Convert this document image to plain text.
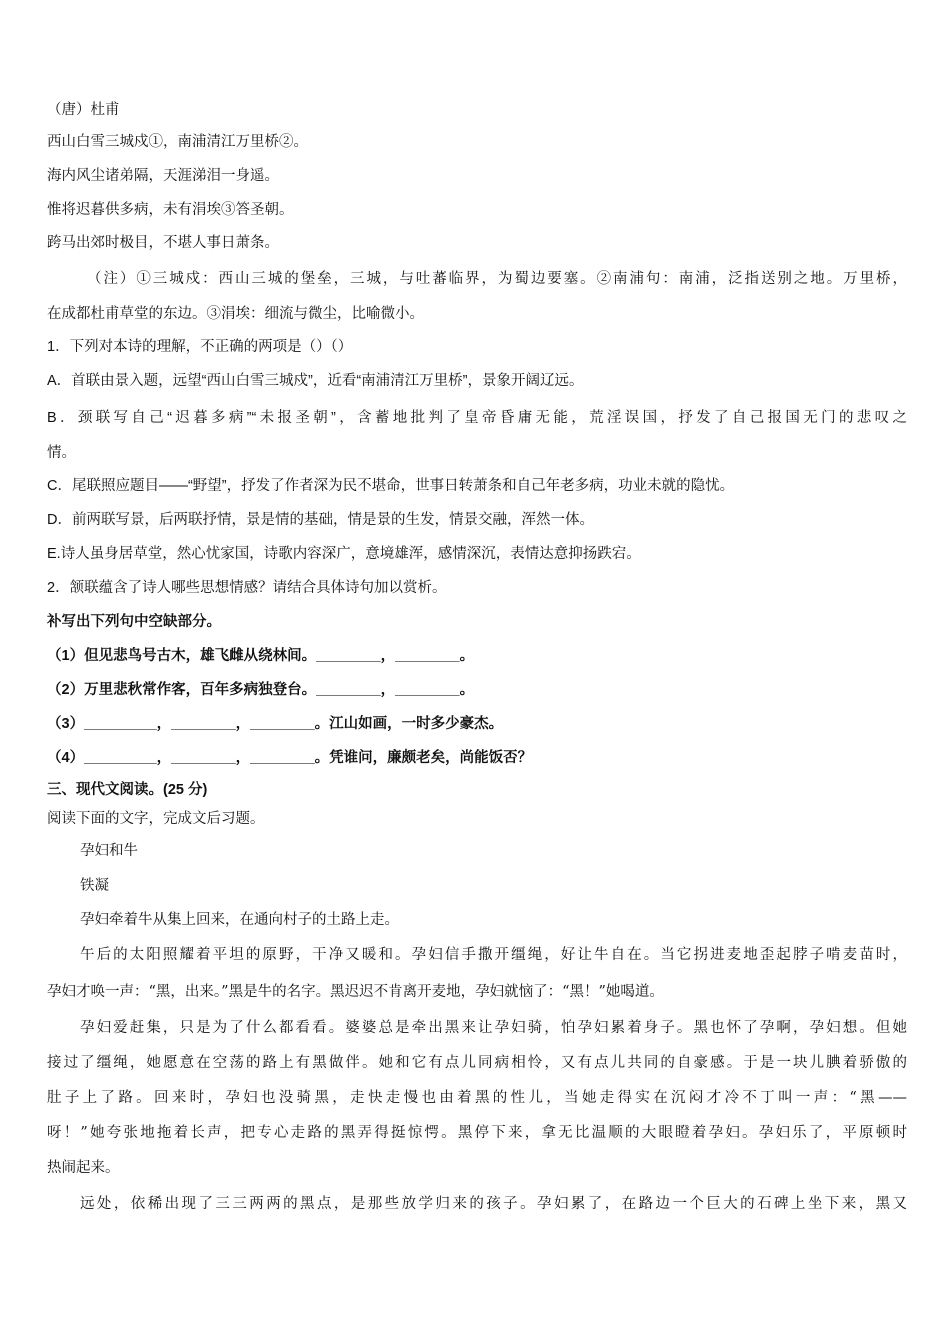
（唐）杜甫

西山白雪三城戍①，南浦清江万里桥②。

海内风尘诸弟隔，天涯涕泪一身遥。

惟将迟暮供多病，未有涓埃③答圣朝。

跨马出郊时极目，不堪人事日萧条。

（注）①三城戍：西山三城的堡垒，三城，与吐蕃临界，为蜀边要塞。②南浦句：南浦，泛指送别之地。万里桥，

在成都杜甫草堂的东边。③涓埃：细流与微尘，比喻微小。

1．下列对本诗的理解，不正确的两项是（）（）

A．首联由景入题，远望“西山白雪三城戍”，近看“南浦清江万里桥”，景象开阔辽远。

B．颈联写自己“迟暮多病”“未报圣朝”，含蓄地批判了皇帝昏庸无能，荒淫误国，抒发了自己报国无门的悲叹之

情。

C．尾联照应题目——“野望”，抒发了作者深为民不堪命，世事日转萧条和自己年老多病，功业未就的隐忧。

D．前两联写景，后两联抒情，景是情的基础，情是景的生发，情景交融，浑然一体。

E.诗人虽身居草堂，然心忧家国，诗歌内容深广，意境雄浑，感情深沉，表情达意抑扬跌宕。

2．颔联蕴含了诗人哪些思想情感？请结合具体诗句加以赏析。

补写出下列句中空缺部分。

（1）但见悲鸟号古木，雄飞雌从绕林间。________，________。

（2）万里悲秋常作客，百年多病独登台。________，________。

（3）_________，________，________。江山如画，一时多少豪杰。

（4）_________，________，________。凭谁问，廉颇老矣，尚能饭否？

三、现代文阅读。(25 分)

阅读下面的文字，完成文后习题。

孕妇和牛

铁凝

孕妇牵着牛从集上回来，在通向村子的土路上走。

午后的太阳照耀着平坦的原野，干净又暖和。孕妇信手撒开缰绳，好让牛自在。当它拐进麦地歪起脖子啃麦苗时，

孕妇才唤一声：“黑，出来。”黑是牛的名字。黑迟迟不肯离开麦地，孕妇就恼了：“黑！”她喝道。

孕妇爱赶集，只是为了什么都看看。婆婆总是牵出黑来让孕妇骑，怕孕妇累着身子。黑也怀了孕啊，孕妇想。但她

接过了缰绳，她愿意在空荡的路上有黑做伴。她和它有点儿同病相怜，又有点儿共同的自豪感。于是一块儿腆着骄傲的

肚子上了路。回来时，孕妇也没骑黑，走快走慢也由着黑的性儿，当她走得实在沉闷才冷不丁叫一声：“黑——

呀！”她夸张地拖着长声，把专心走路的黑弄得挺惊愕。黑停下来，拿无比温顺的大眼瞪着孕妇。孕妇乐了，平原顿时

热闹起来。

远处，依稀出现了三三两两的黑点，是那些放学归来的孩子。孕妇累了，在路边一个巨大的石碑上坐下来，黑又
